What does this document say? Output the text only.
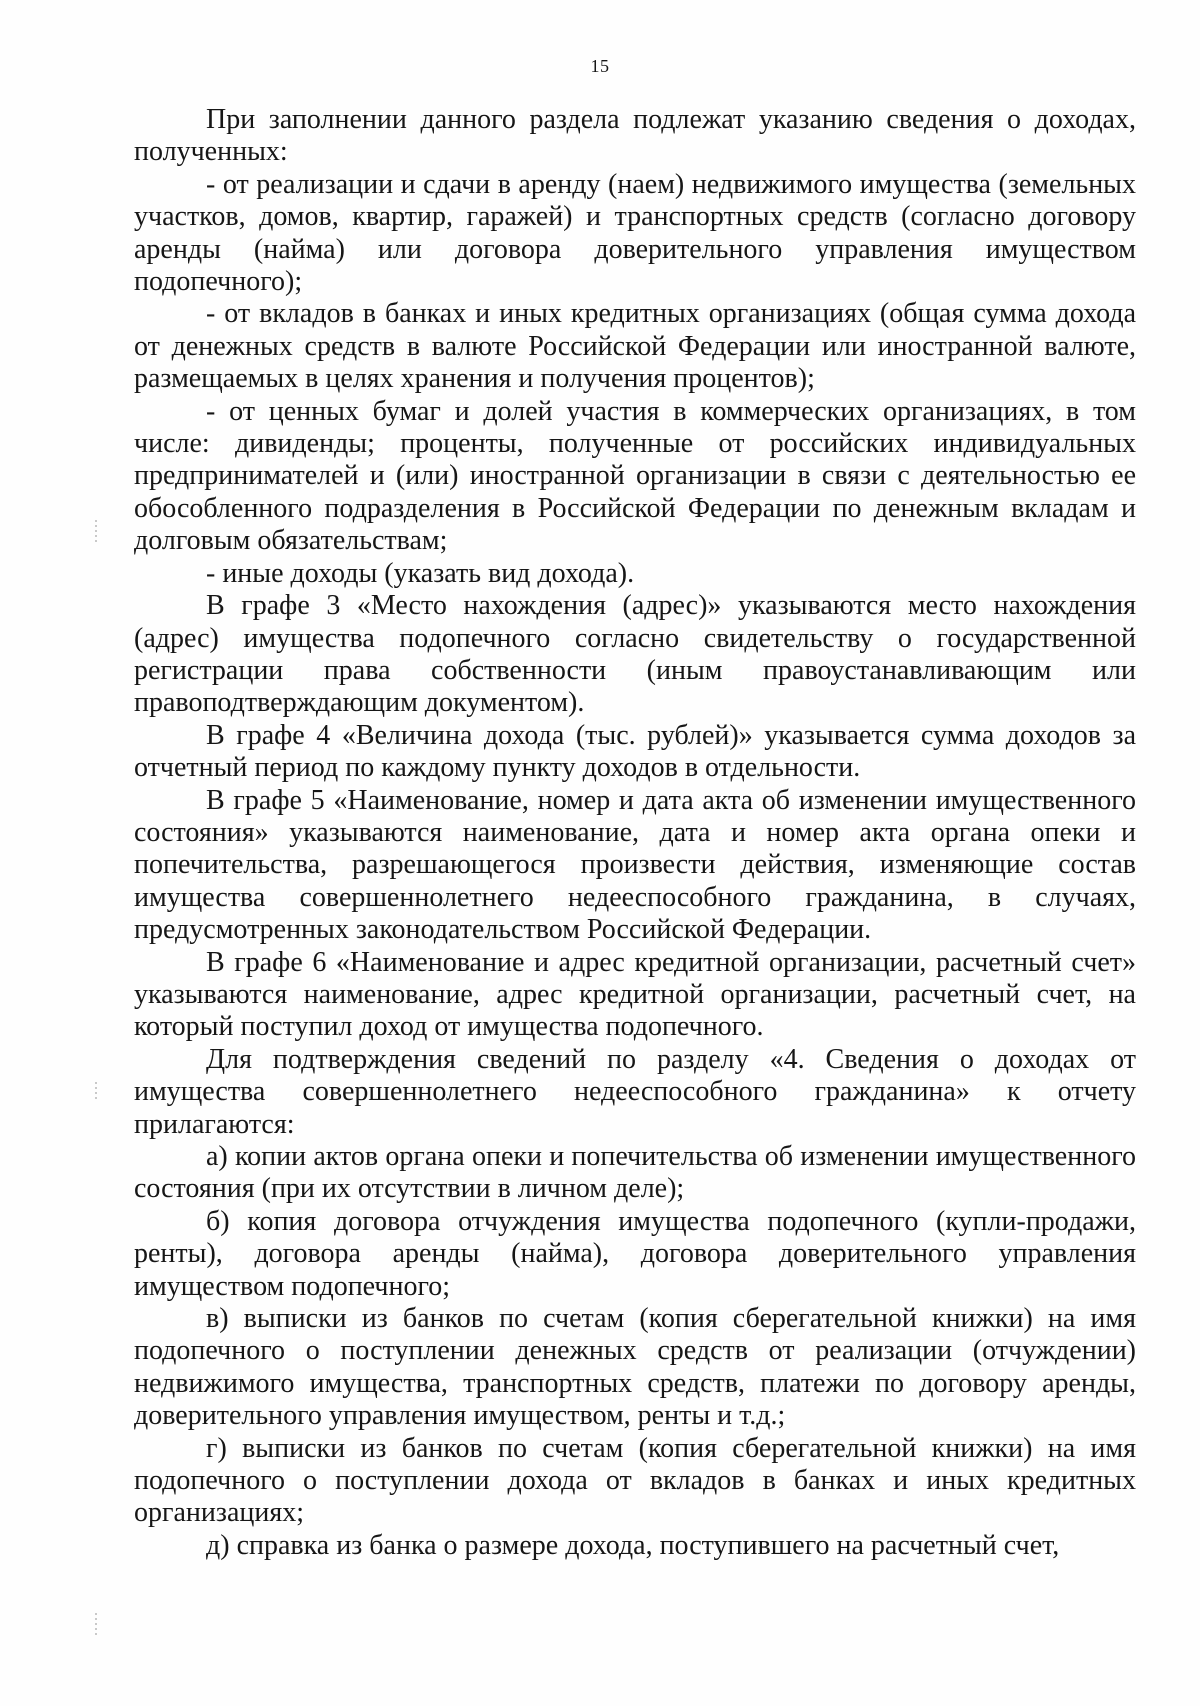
15

При заполнении данного раздела подлежат указанию сведения о доходах, полученных:

- от реализации и сдачи в аренду (наем) недвижимого имущества (земельных участков, домов, квартир, гаражей) и транспортных средств (согласно договору аренды (найма) или договора доверительного управления имуществом подопечного);

- от вкладов в банках и иных кредитных организациях (общая сумма дохода от денежных средств в валюте Российской Федерации или иностранной валюте, размещаемых в целях хранения и получения процентов);

- от ценных бумаг и долей участия в коммерческих организациях, в том числе: дивиденды; проценты, полученные от российских индивидуальных предпринимателей и (или) иностранной организации в связи с деятельностью ее обособленного подразделения в Российской Федерации по денежным вкладам и долговым обязательствам;

- иные доходы (указать вид дохода).

В графе 3 «Место нахождения (адрес)» указываются место нахождения (адрес) имущества подопечного согласно свидетельству о государственной регистрации права собственности (иным правоустанавливающим или правоподтверждающим документом).

В графе 4 «Величина дохода (тыс. рублей)» указывается сумма доходов за отчетный период по каждому пункту доходов в отдельности.

В графе 5 «Наименование, номер и дата акта об изменении имущественного состояния» указываются наименование, дата и номер акта органа опеки и попечительства, разрешающегося произвести действия, изменяющие состав имущества совершеннолетнего недееспособного гражданина, в случаях, предусмотренных законодательством Российской Федерации.

В графе 6 «Наименование и адрес кредитной организации, расчетный счет» указываются наименование, адрес кредитной организации, расчетный счет, на который поступил доход от имущества подопечного.

Для подтверждения сведений по разделу «4. Сведения о доходах от имущества совершеннолетнего недееспособного гражданина» к отчету прилагаются:

а) копии актов органа опеки и попечительства об изменении имущественного состояния (при их отсутствии в личном деле);

б) копия договора отчуждения имущества подопечного (купли-продажи, ренты), договора аренды (найма), договора доверительного управления имуществом подопечного;

в) выписки из банков по счетам (копия сберегательной книжки) на имя подопечного о поступлении денежных средств от реализации (отчуждении) недвижимого имущества, транспортных средств, платежи по договору аренды, доверительного управления имуществом, ренты и т.д.;

г) выписки из банков по счетам (копия сберегательной книжки) на имя подопечного о поступлении дохода от вкладов в банках и иных кредитных организациях;

д) справка из банка о размере дохода, поступившего на расчетный счет,
